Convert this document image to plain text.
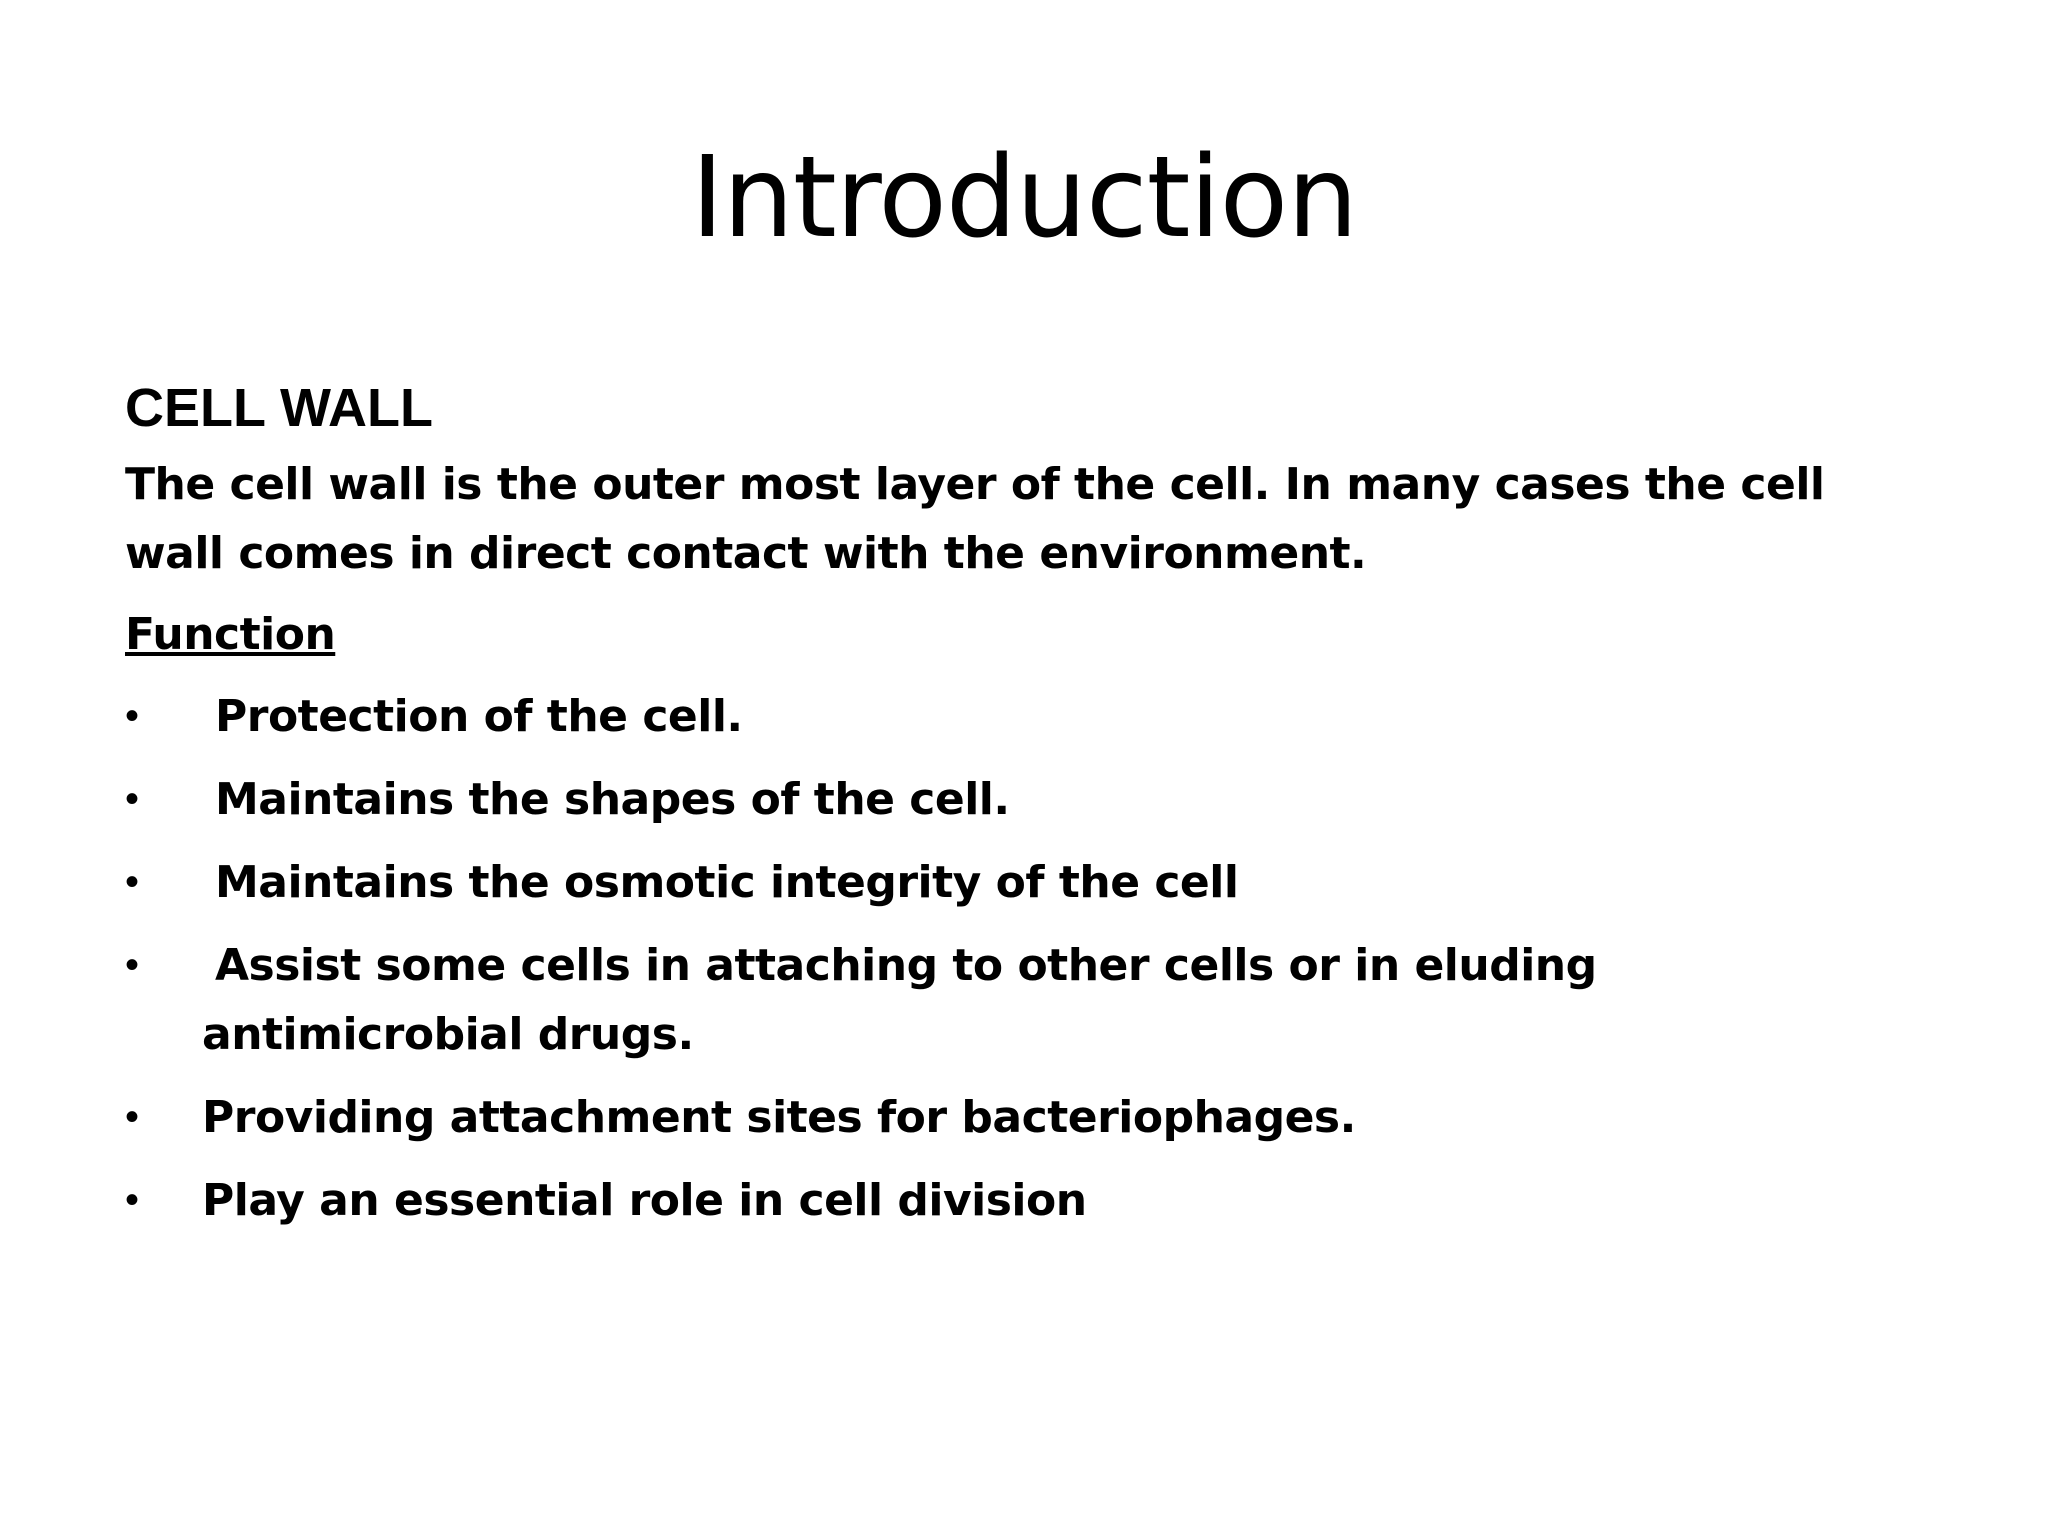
Introduction
CELL WALL
The cell wall is the outer most layer of the cell. In many cases the cell wall comes in direct contact with the environment.
Function
• Protection of the cell.
• Maintains the shapes of the cell.
• Maintains the osmotic integrity of the cell
• Assist some cells in attaching to other cells or in eluding antimicrobial drugs.
• Providing attachment sites for bacteriophages.
• Play an essential role in cell division
